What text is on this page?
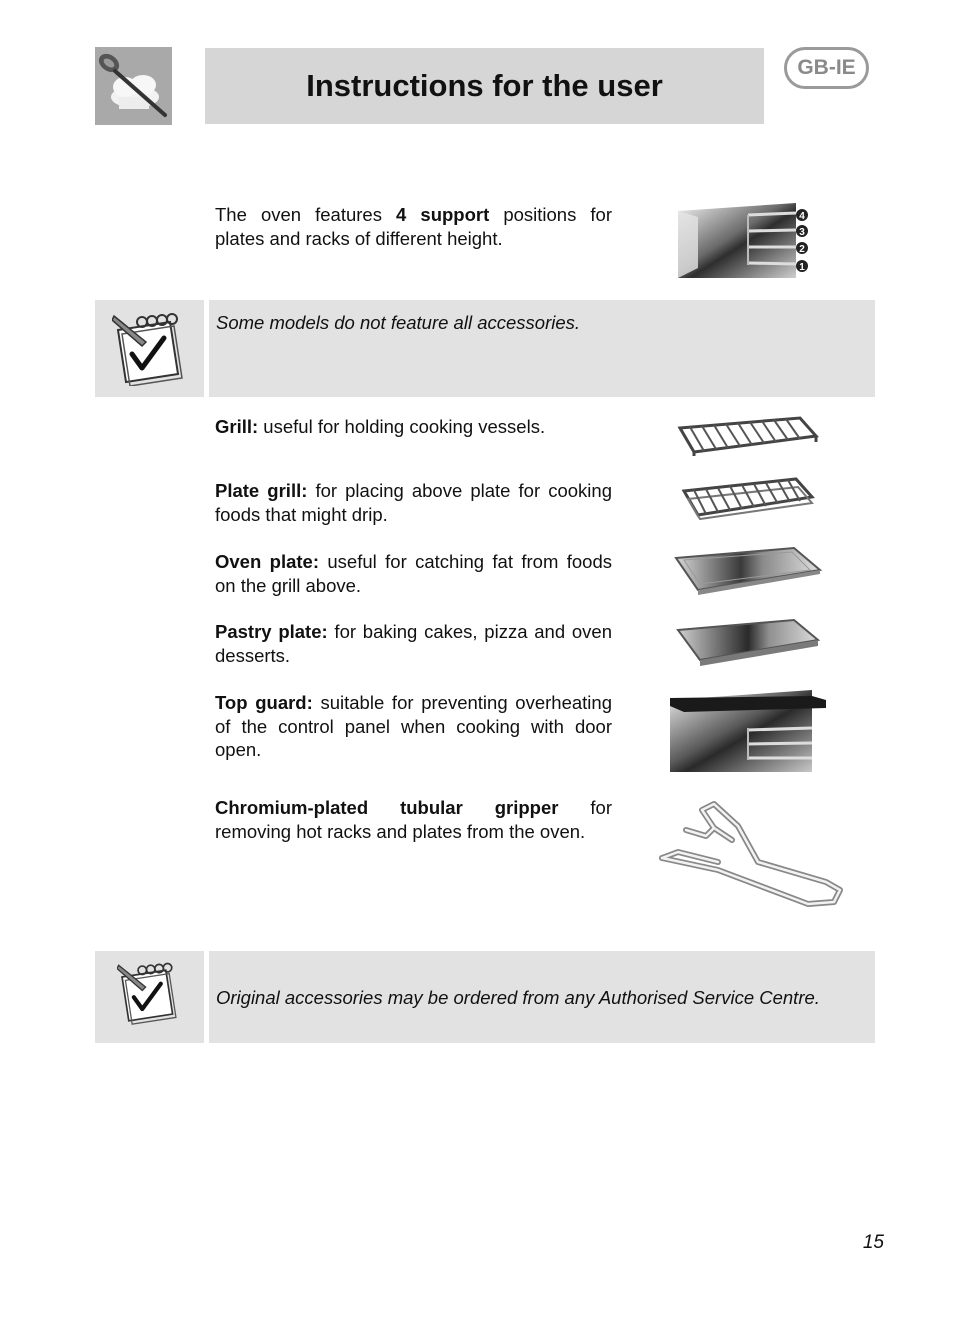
Instructions for the user
GB-IE

The oven features 4 support positions for plates and racks of different height.

4
3
2
1

Some models do not feature all accessories.

Grill: useful for holding cooking vessels.

Plate grill: for placing above plate for cooking foods that might drip.

Oven plate: useful for catching fat from foods on the grill above.

Pastry plate: for baking cakes, pizza and oven desserts.

Top guard: suitable for preventing overheating of the control panel when cooking with door open.

Chromium-plated tubular gripper for removing hot racks and plates from the oven.

Original accessories may be ordered from any Authorised Service Centre.

15
